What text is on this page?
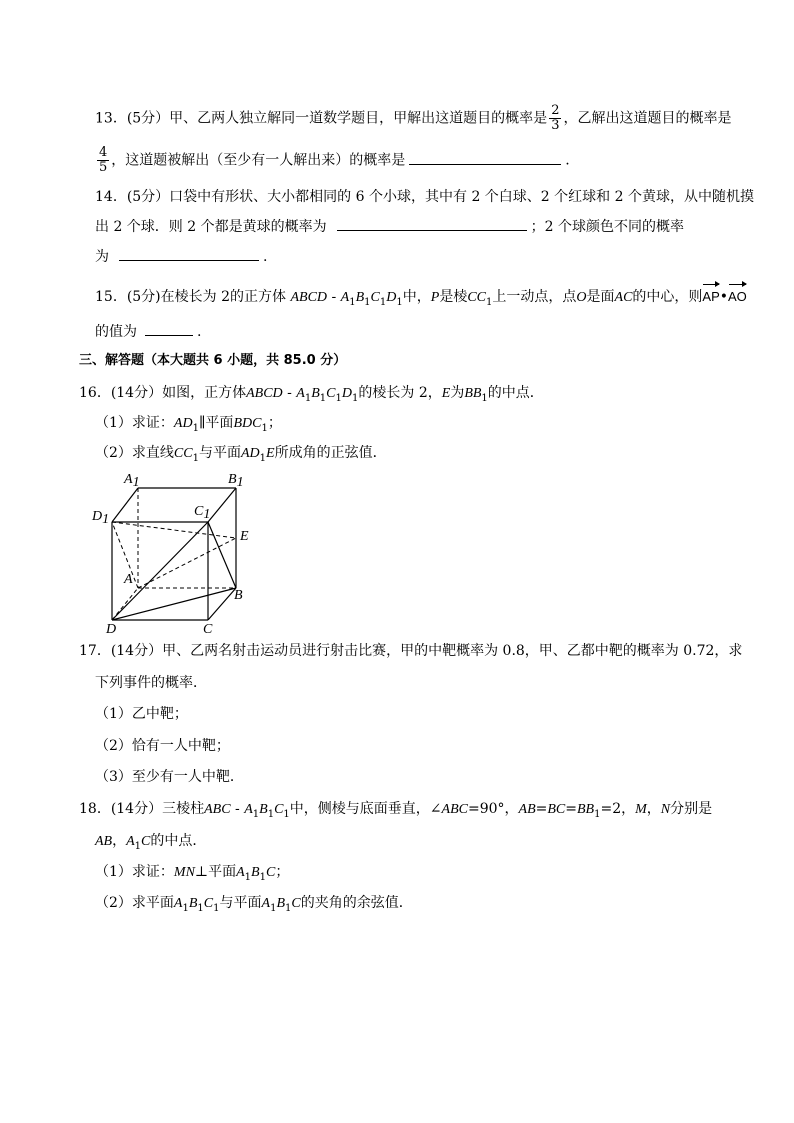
13．(5分）甲、乙两人独立解同一道数学题目，甲解出这道题目的概率是 $\frac{2}{3}$ ，乙解出这道题目的概率是
$\frac{4}{5}$ ，这道题被解出（至少有一人解出来）的概率是	.
14．(5分）口袋中有形状、大小都相同的 6 个小球，其中有 2 个白球、2 个红球和 2 个黄球，从中随机摸
出 2 个球．则 2 个都是黄球的概率为	；2 个球颜色不同的概率
为	.
15．(5分)在棱长为 2的正方体 ABCD - $A_1B_1C_1D_1$中，P是棱$CC_1$上一动点，点O是面AC的中心，则AP•AO
的值为	.
三、解答题（本大题共 6 小题，共 85.0 分）
16．(14分）如图，正方体ABCD - $A_1B_1C_1D_1$的棱长为 2，E为$BB_1$的中点．
（1）求证：$AD_1\parallel$平面$BDC_1$；
（2）求直线$CC_1$与平面$AD_1E$所成角的正弦值．
A1	B1
D1
C1
E
A
B
D	C
17．(14分）甲、乙两名射击运动员进行射击比赛，甲的中靶概率为 0.8，甲、乙都中靶的概率为 0.72，求
下列事件的概率．
（1）乙中靶；
（2）恰有一人中靶；
（3）至少有一人中靶．
18．(14分）三棱柱ABC - $A_1B_1C_1$中，侧棱与底面垂直，∠ABC=90°，$AB=BC=BB_1=2$，M，N分别是
AB，$A_1C$的中点．
（1）求证：MN⊥平面$A_1B_1C$；
（2）求平面$A_1B_1C_1$与平面$A_1B_1C$的夹角的余弦值．
